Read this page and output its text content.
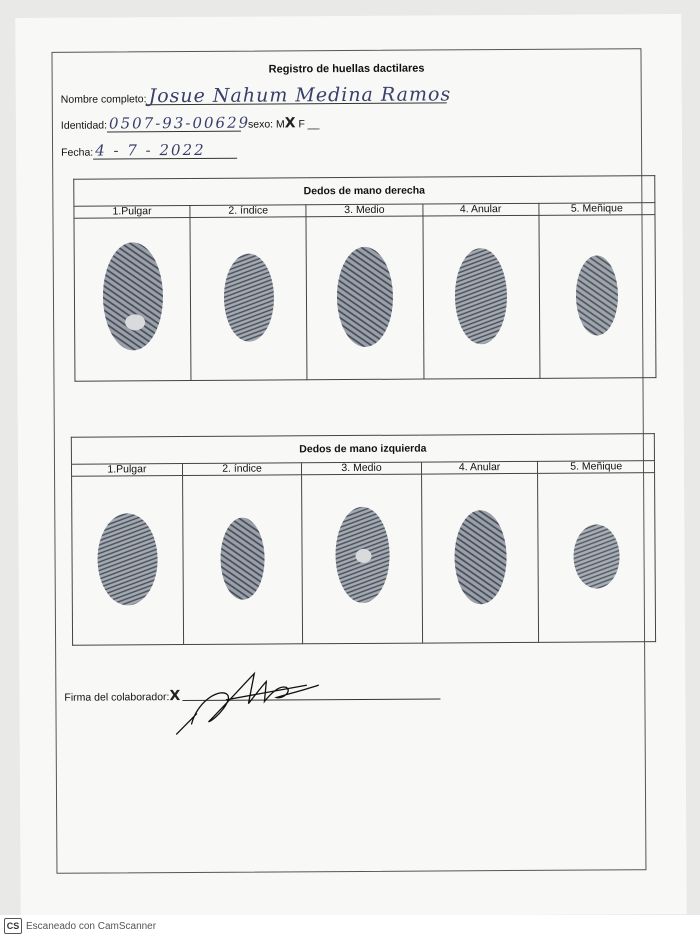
Registro de huellas dactilares
Nombre completo:Josue Nahum Medina Ramos
Identidad: 0507-93-00629 sexo: MX F __
Fecha: 4 - 7 - 2022
Dedos de mano derecha				
1.Pulgar	2. índice	3. Medio	4. Anular	5. Meñique

Dedos de mano izquierda				
1.Pulgar	2. índice	3. Medio	4. Anular	5. Meñique

Firma del colaborador:X
CS Escaneado con CamScanner
